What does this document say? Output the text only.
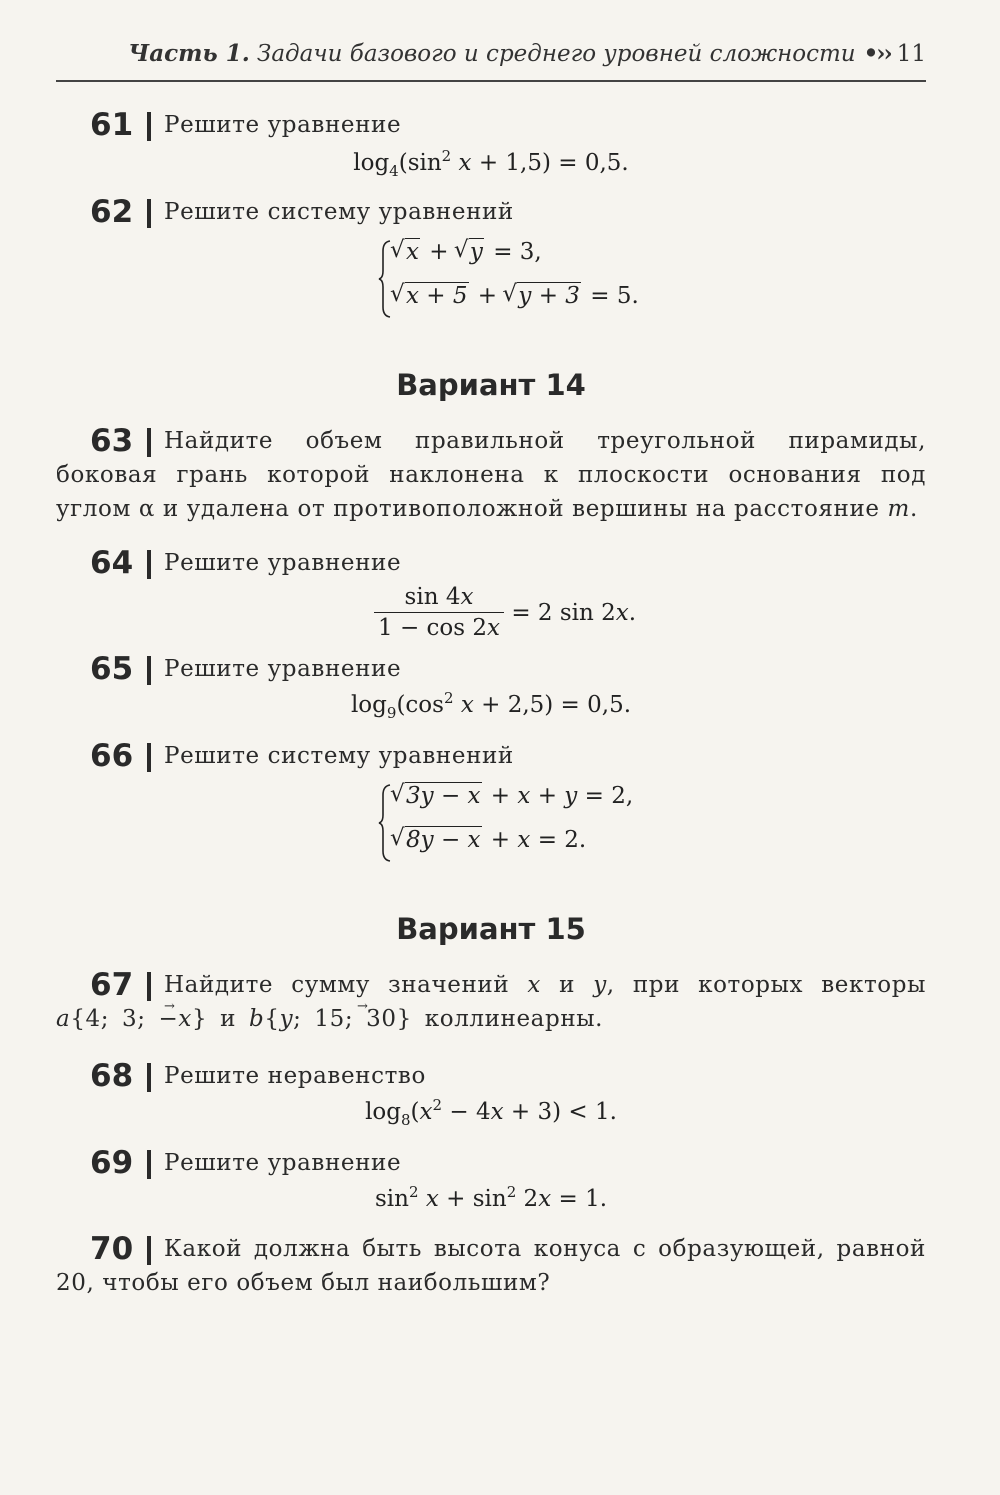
Часть 1. Задачи базового и среднего уровней сложности •›› 11
61	Решите уравнение
$\log_4(\sin^2$ x + 1,5) = 0,5.
62	Решите систему уравнений
√ x + √ y = 3,
√ x + 5 + √ y + 3 = 5.
Вариант 14
63	Найдите объем правильной треугольной пирамиды, боковая грань которой наклонена к плоскости основания под углом α и удалена от противоположной вершины на расстояние m.
64	Решите уравнение
$\frac{\sin 4x}{1 - \cos 2x} = 2$ sin 2x.
65	Решите уравнение
$\log_9(\cos^2$ x + 2,5) = 0,5.
66	Решите систему уравнений
√ 3y − x + x + y = 2,
√ 8y − x + x = 2.
Вариант 15
67	Найдите сумму значений x и y, при которых векторы → a{4; 3; −x} и → b{y; 15; 30} коллинеарны.
68	Решите неравенство
$\log_8(x^2 - 4x + 3) < 1$.
69	Решите уравнение
$\sin^2 x + \sin^2 2x = 1$.
70	Какой должна быть высота конуса с образующей, равной 20, чтобы его объем был наибольшим?
